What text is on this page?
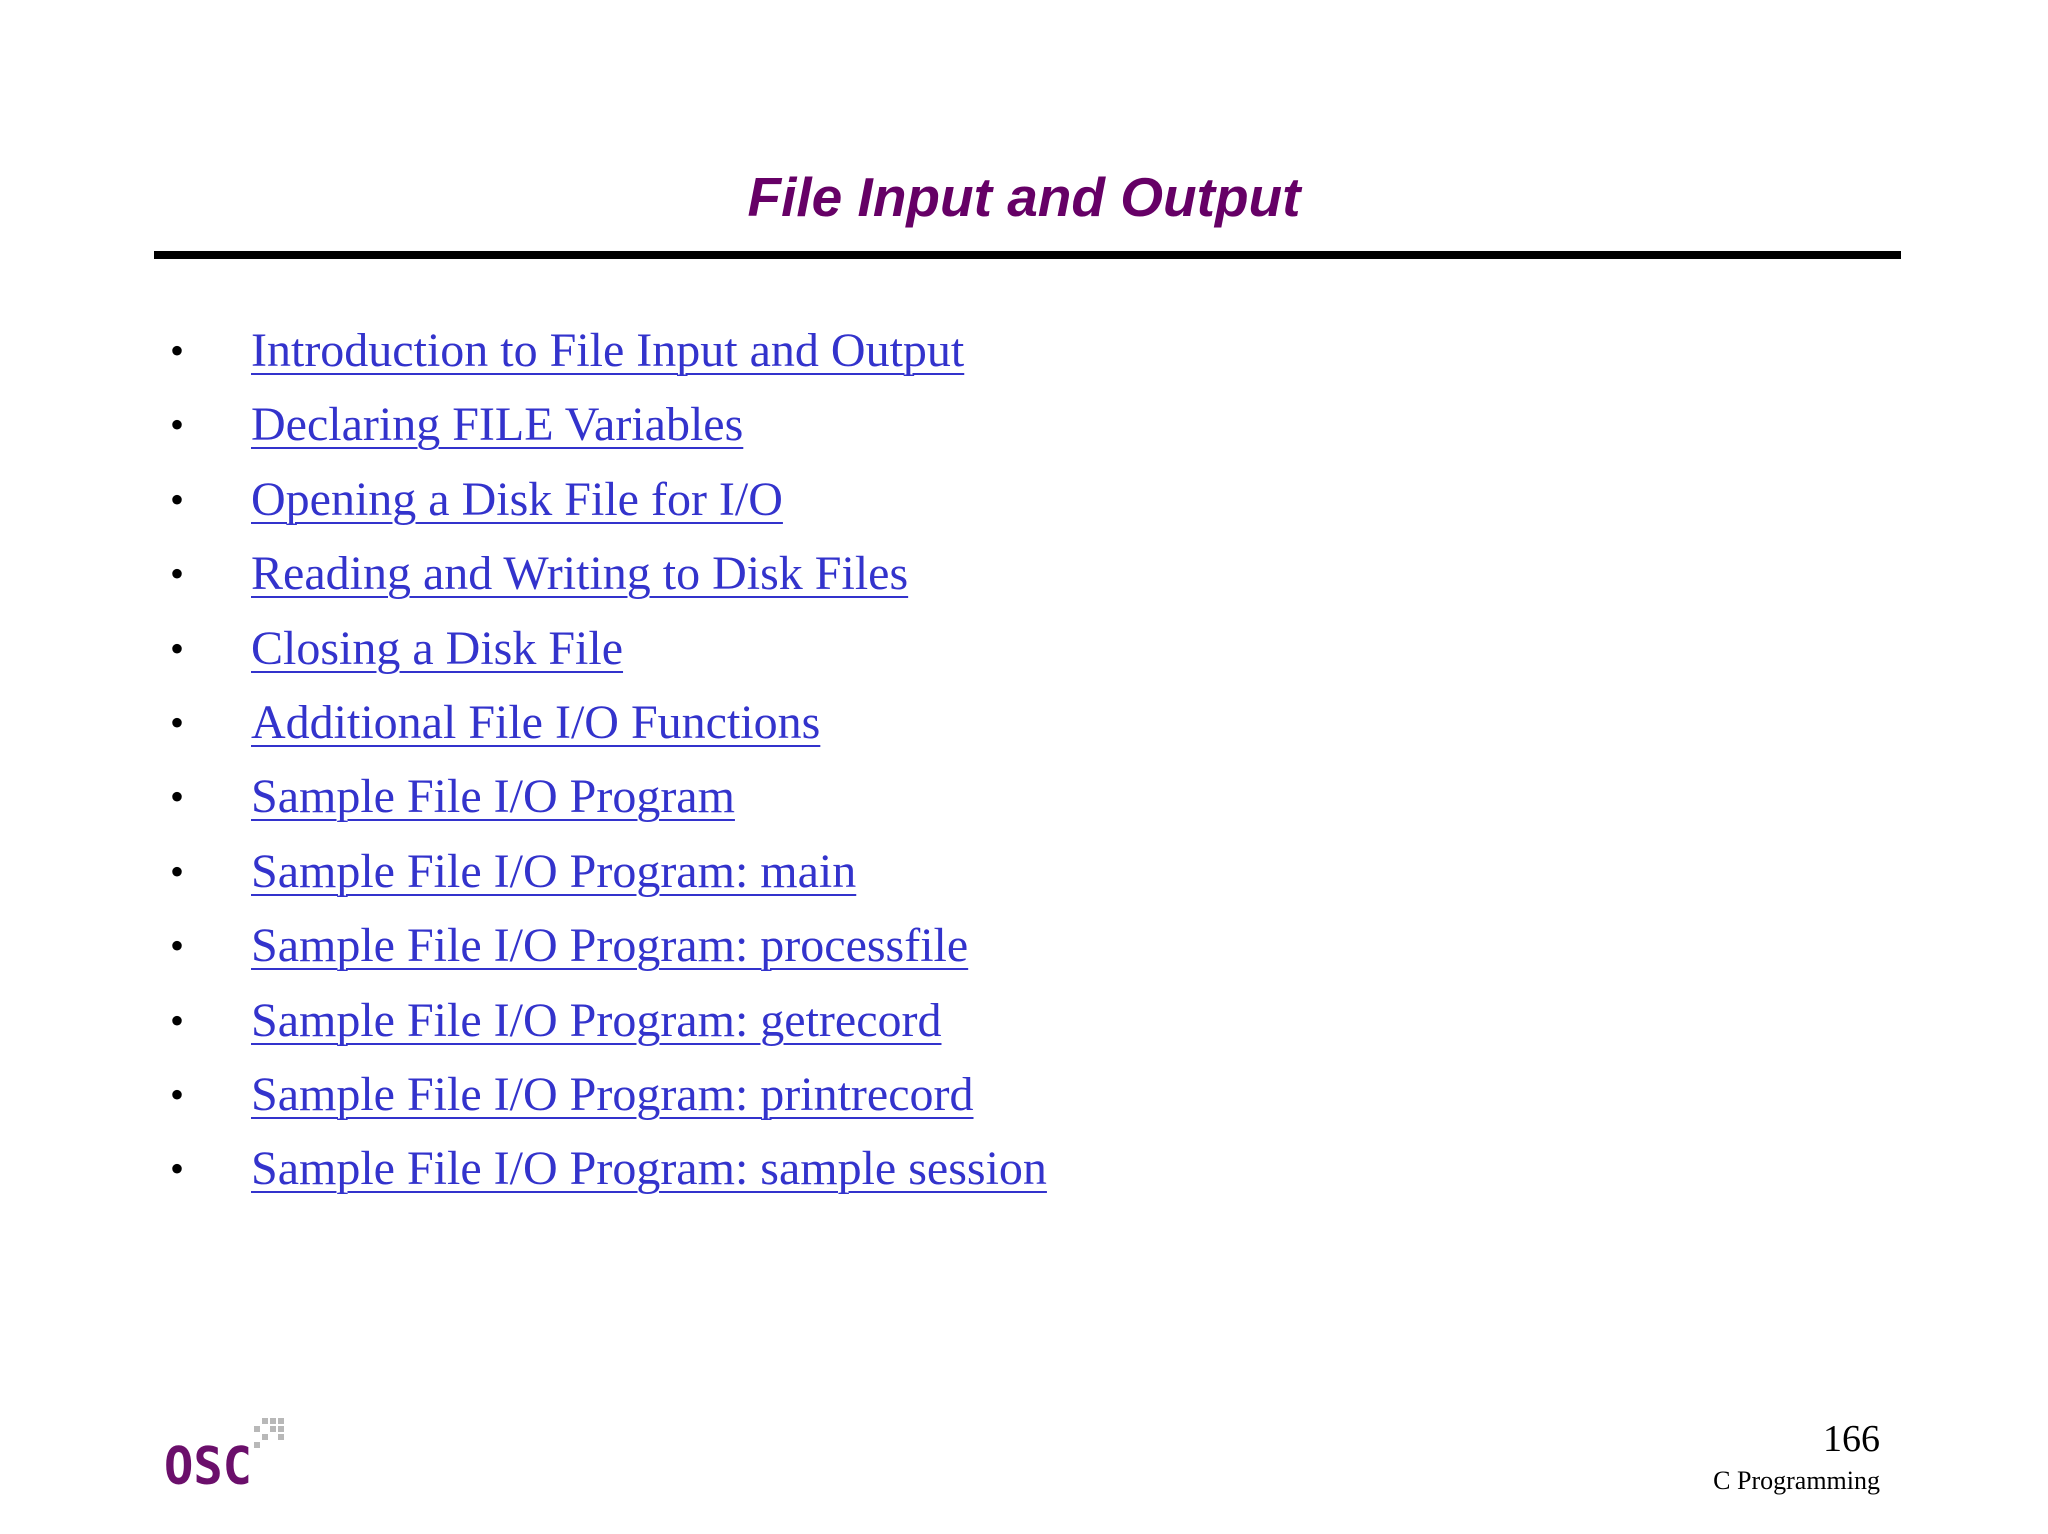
File Input and Output
• Introduction to File Input and Output
• Declaring FILE Variables
• Opening a Disk File for I/O
• Reading and Writing to Disk Files
• Closing a Disk File
• Additional File I/O Functions
• Sample File I/O Program
• Sample File I/O Program: main
• Sample File I/O Program: processfile
• Sample File I/O Program: getrecord
• Sample File I/O Program: printrecord
• Sample File I/O Program: sample session
OSC	166
C Programming
